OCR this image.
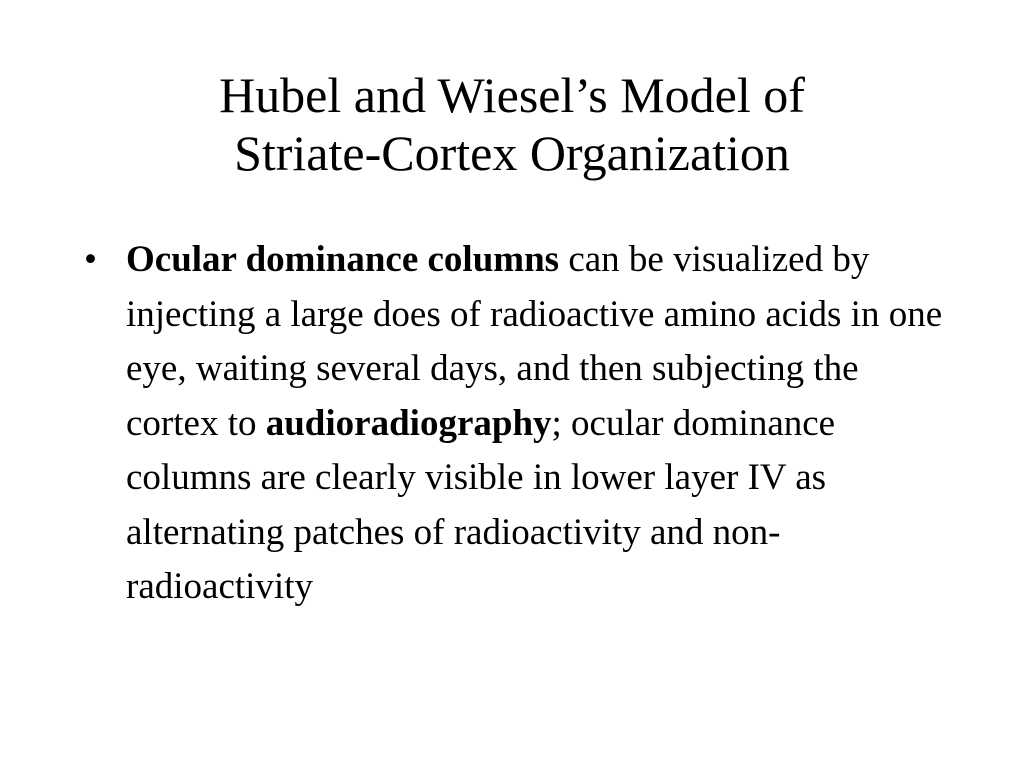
Hubel and Wiesel’s Model of
Striate-Cortex Organization
• Ocular dominance columns can be visualized by injecting a large does of radioactive amino acids in one eye, waiting several days, and then subjecting the cortex to audioradiography; ocular dominance columns are clearly visible in lower layer IV as alternating patches of radioactivity and non-radioactivity
